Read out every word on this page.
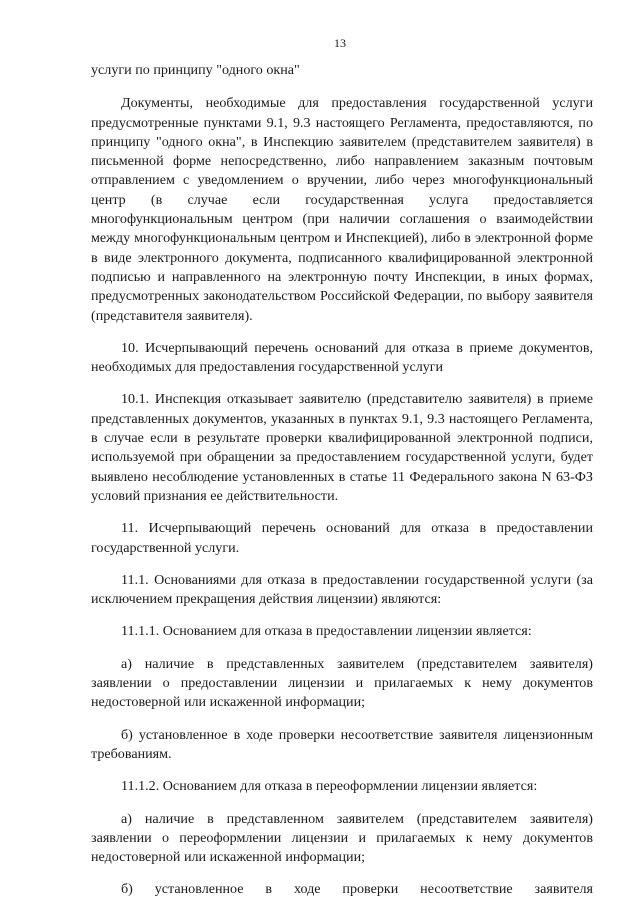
13

услуги по принципу "одного окна"

Документы, необходимые для предоставления государственной услуги предусмотренные пунктами 9.1, 9.3 настоящего Регламента, предоставляются, по принципу "одного окна", в Инспекцию заявителем (представителем заявителя) в письменной форме непосредственно, либо направлением заказным почтовым отправлением с уведомлением о вручении, либо через многофункциональный центр (в случае если государственная услуга предоставляется многофункциональным центром (при наличии соглашения о взаимодействии между многофункциональным центром и Инспекцией), либо в электронной форме в виде электронного документа, подписанного квалифицированной электронной подписью и направленного на электронную почту Инспекции, в иных формах, предусмотренных законодательством Российской Федерации, по выбору заявителя (представителя заявителя).

10. Исчерпывающий перечень оснований для отказа в приеме документов, необходимых для предоставления государственной услуги

10.1. Инспекция отказывает заявителю (представителю заявителя) в приеме представленных документов, указанных в пунктах 9.1, 9.3 настоящего Регламента, в случае если в результате проверки квалифицированной электронной подписи, используемой при обращении за предоставлением государственной услуги, будет выявлено несоблюдение установленных в статье 11 Федерального закона N 63-ФЗ условий признания ее действительности.

11. Исчерпывающий перечень оснований для отказа в предоставлении государственной услуги.

11.1. Основаниями для отказа в предоставлении государственной услуги (за исключением прекращения действия лицензии) являются:

11.1.1. Основанием для отказа в предоставлении лицензии является:

а) наличие в представленных заявителем (представителем заявителя) заявлении о предоставлении лицензии и прилагаемых к нему документов недостоверной или искаженной информации;

б) установленное в ходе проверки несоответствие заявителя лицензионным требованиям.

11.1.2. Основанием для отказа в переоформлении лицензии является:

а) наличие в представленном заявителем (представителем заявителя) заявлении о переоформлении лицензии и прилагаемых к нему документов недостоверной или искаженной информации;

б) установленное в ходе проверки несоответствие заявителя
